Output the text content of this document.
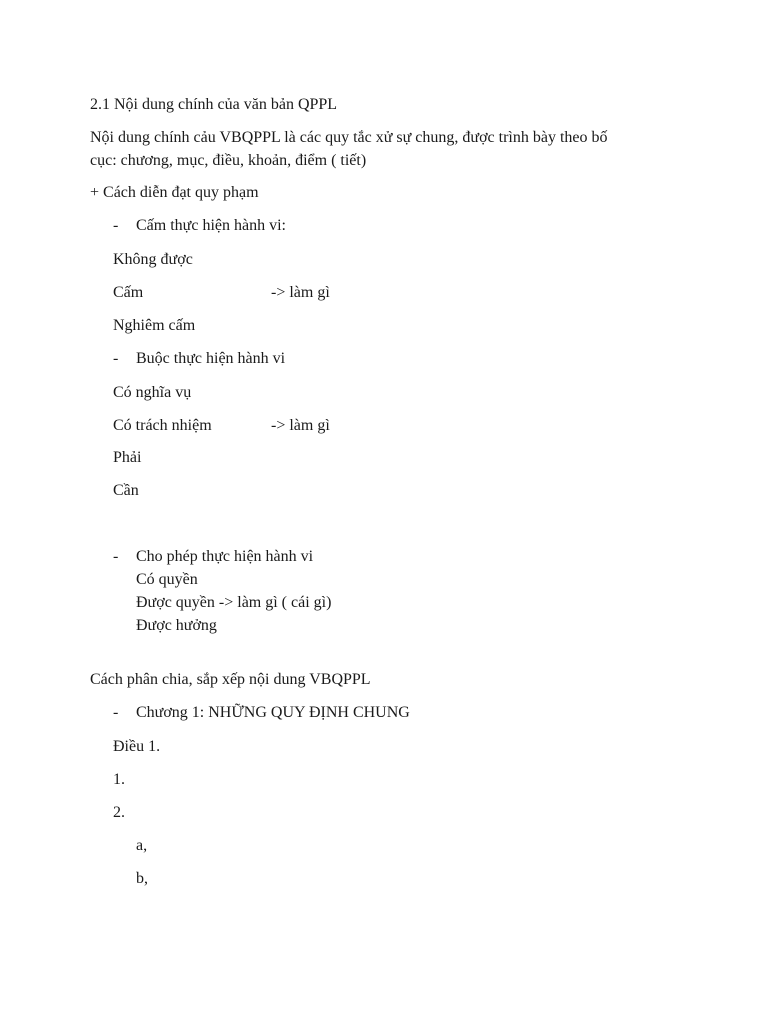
2.1 Nội dung chính của văn bản QPPL
Nội dung chính cảu VBQPPL là các quy tắc xử sự chung, được trình bày theo bố
cục: chương, mục, điều, khoản, điểm ( tiết)
+ Cách diễn đạt quy phạm
- Cấm thực hiện hành vi:
Không được
Cấm	-> làm gì
Nghiêm cấm
- Buộc thực hiện hành vi
Có nghĩa vụ
Có trách nhiệm	-> làm gì
Phải
Cần
- Cho phép thực hiện hành vi
Có quyền
Được quyền -> làm gì ( cái gì)
Được hưởng
Cách phân chia, sắp xếp nội dung VBQPPL
- Chương 1: NHỮNG QUY ĐỊNH CHUNG
Điều 1.
1.
2.
a,
b,
